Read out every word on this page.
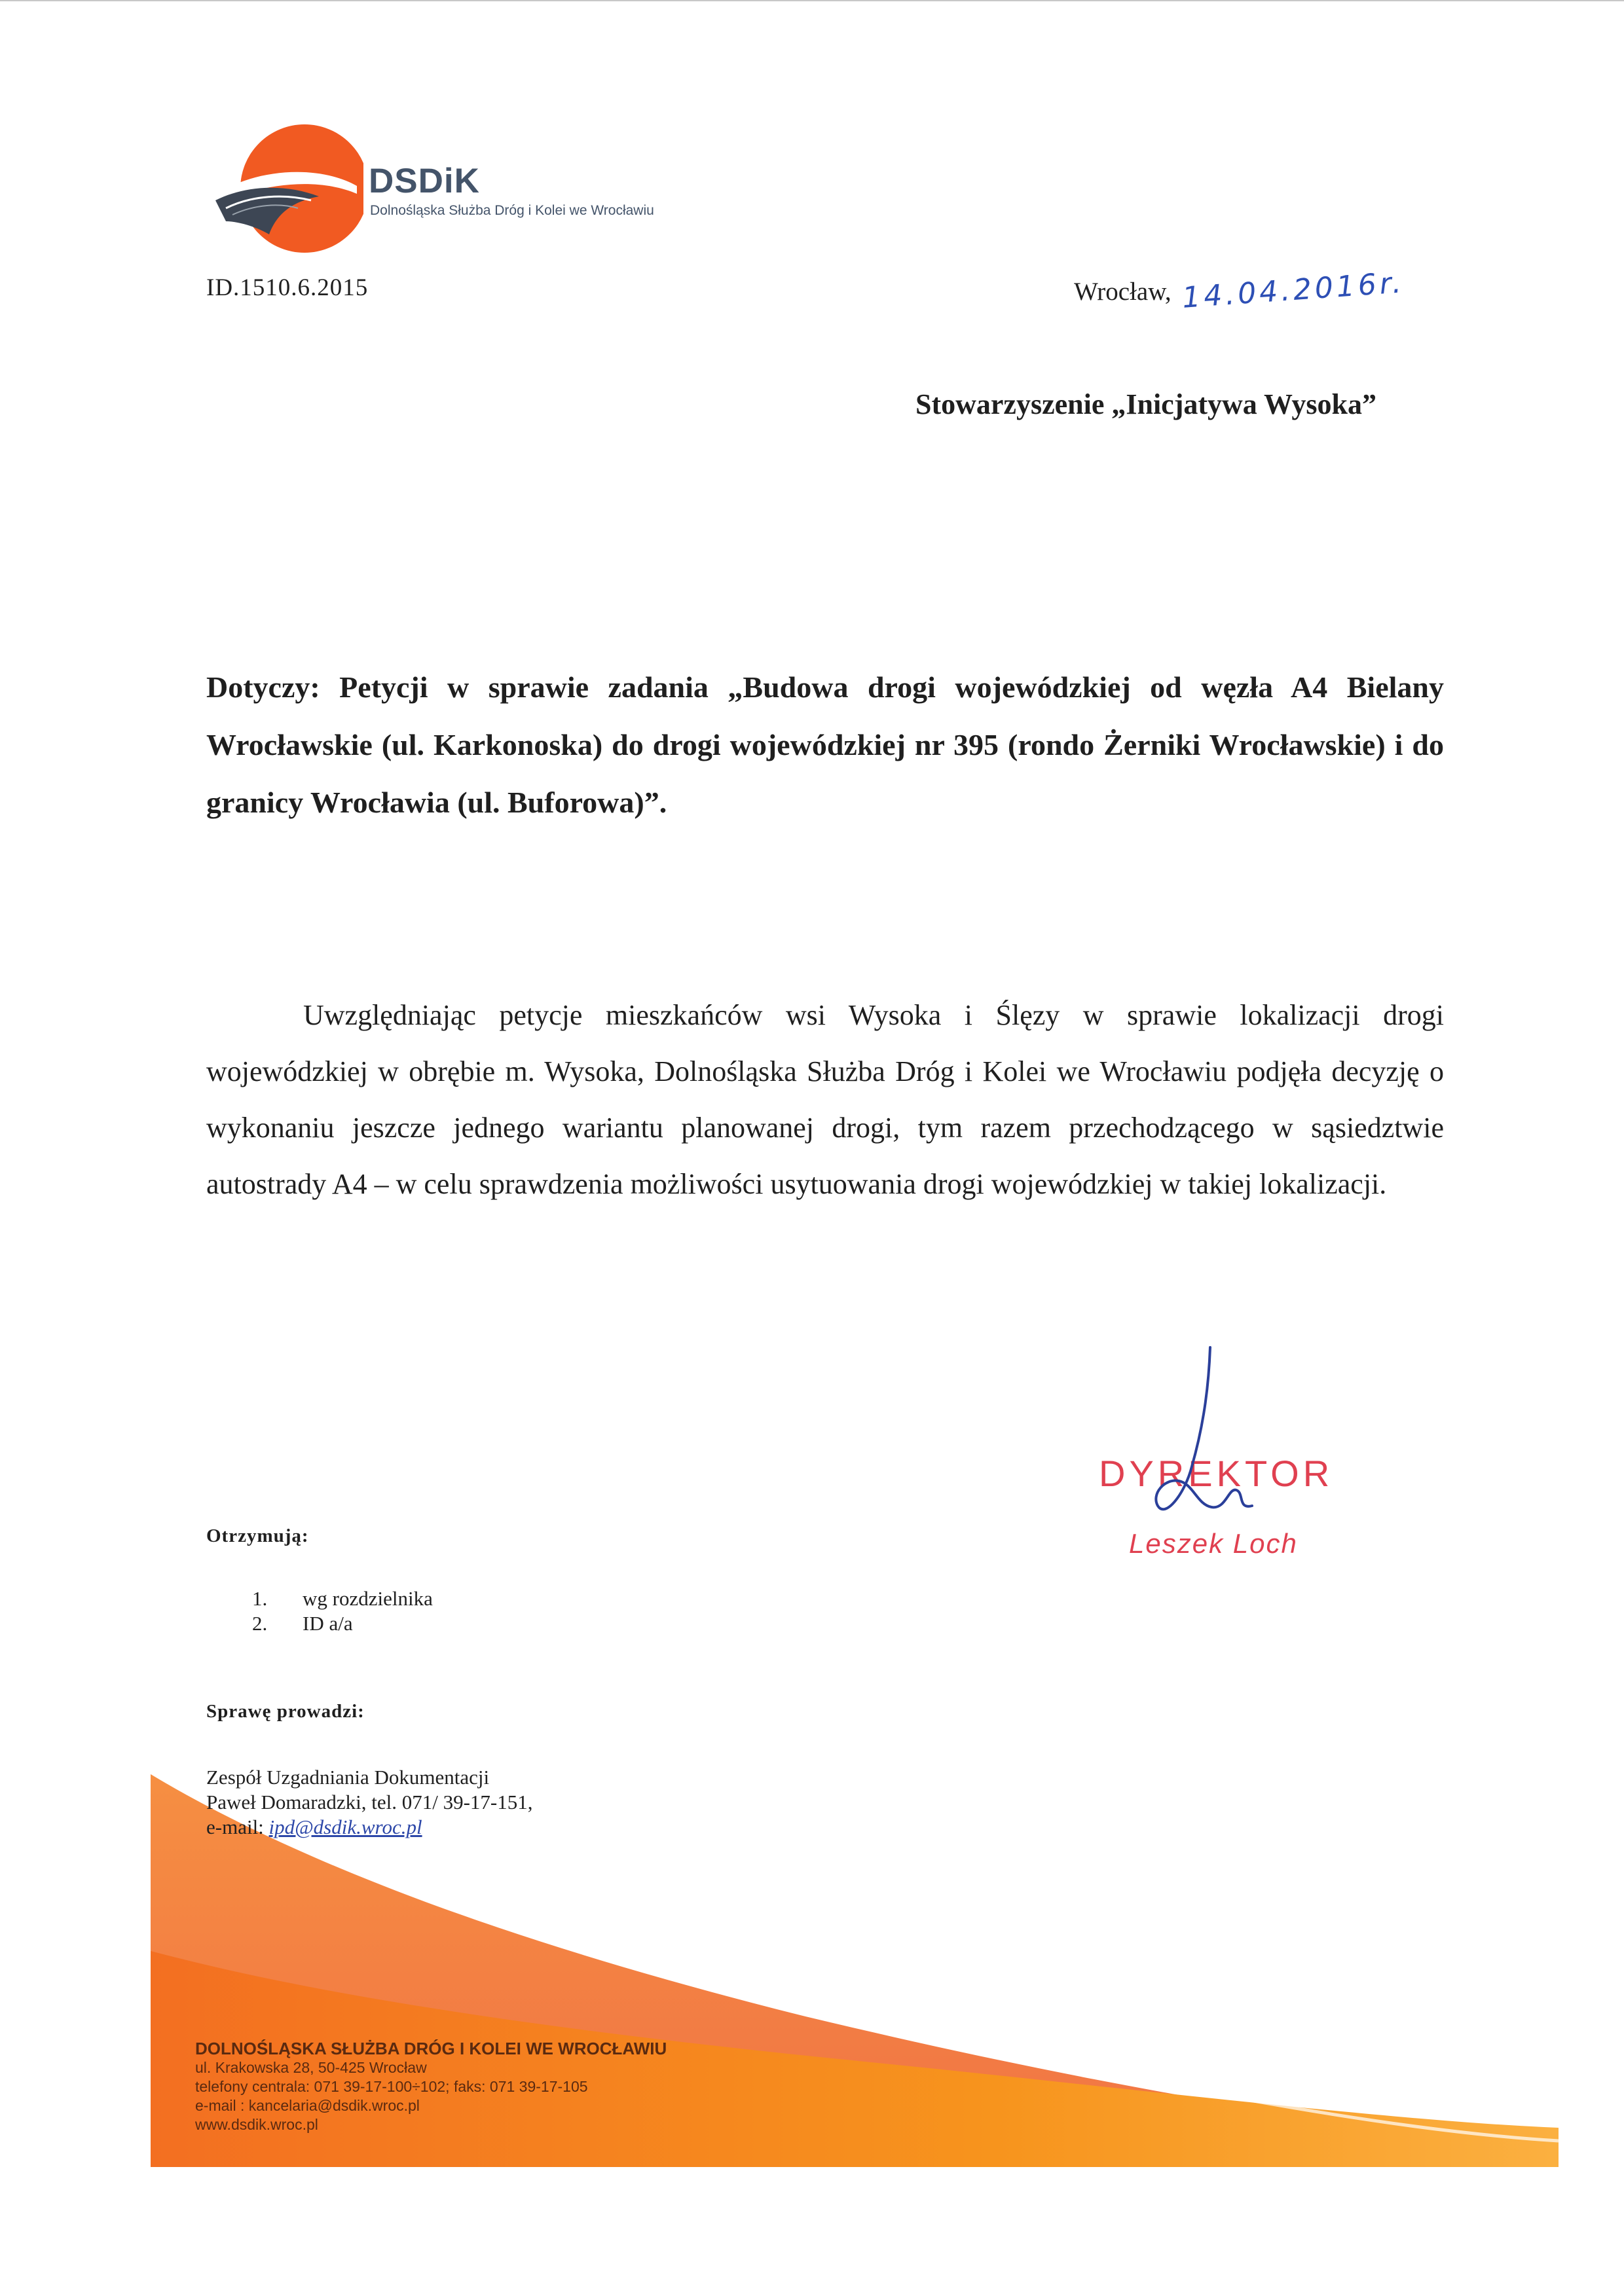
DSDiK
Dolnośląska Służba Dróg i Kolei we Wrocławiu
ID.1510.6.2015	Wrocław, 14.04.2016r.
Stowarzyszenie „Inicjatywa Wysoka”
Dotyczy: Petycji w sprawie zadania „Budowa drogi wojewódzkiej od węzła A4 Bielany Wrocławskie (ul. Karkonoska) do drogi wojewódzkiej nr 395 (rondo Żerniki Wrocławskie) i do granicy Wrocławia (ul. Buforowa)”.
Uwzględniając petycje mieszkańców wsi Wysoka i Ślęzy w sprawie lokalizacji drogi wojewódzkiej w obrębie m. Wysoka, Dolnośląska Służba Dróg i Kolei we Wrocławiu podjęła decyzję o wykonaniu jeszcze jednego wariantu planowanej drogi, tym razem przechodzącego w sąsiedztwie autostrady A4 – w celu sprawdzenia możliwości usytuowania drogi wojewódzkiej w takiej lokalizacji.
DYREKTOR
Leszek Loch
Otrzymują:
1. wg rozdzielnika
2. ID a/a
Sprawę prowadzi:
Zespół Uzgadniania Dokumentacji
Paweł Domaradzki, tel. 071/ 39-17-151,
e-mail: ipd@dsdik.wroc.pl
DOLNOŚLĄSKA SŁUŻBA DRÓG I KOLEI WE WROCŁAWIU
ul. Krakowska 28, 50-425 Wrocław
telefony centrala: 071 39-17-100÷102; faks: 071 39-17-105
e-mail : kancelaria@dsdik.wroc.pl
www.dsdik.wroc.pl
